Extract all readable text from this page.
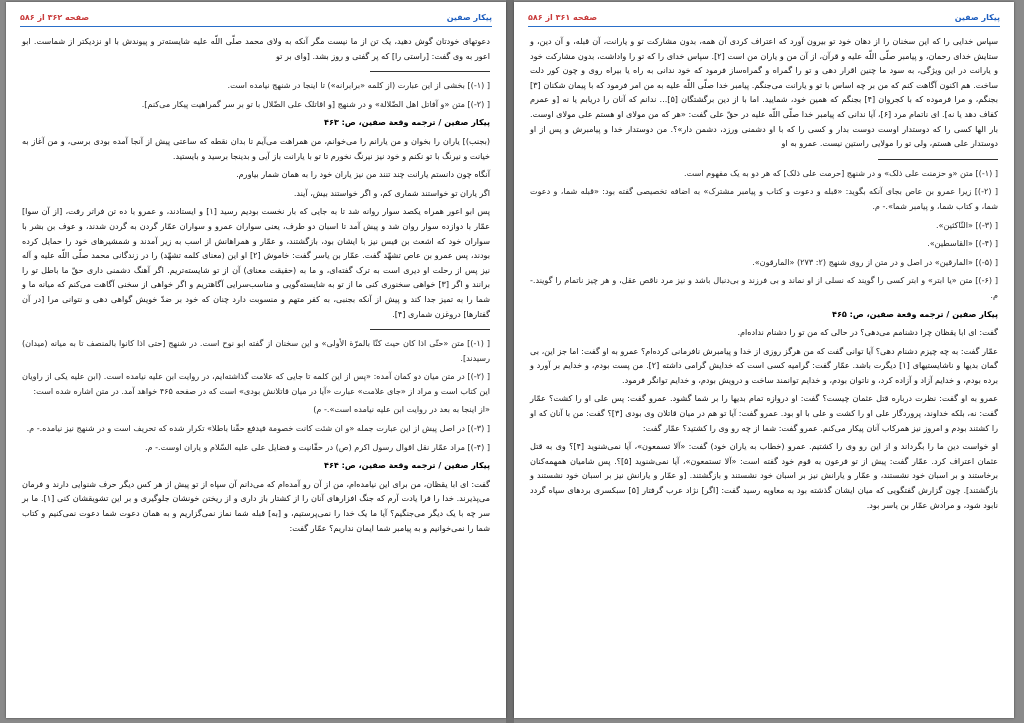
پیکار صفین
صفحه ۳۶۲ از ۵۸۶

دعوتهای خودتان گوش دهید، یک تن از ما نیست مگر آنکه به ولای محمد صلّی اللّه علیه شایسته‌تر و پیوندش با او نزدیکتر از شماست. ابو اعور به وی گفت: [راستی را] که پر گفتی و روز بشد. [وای بر تو

[ (۱-)] بخشی از این عبارت (از کلمه «برابرانه») تا اینجا در شنهج نیامده است.

[ (۲-)] متن «و آفاتل اهل الضّلالة» و در شنهج [و اقاتلک علی الضّلال با تو بر سر گمراهیت پیکار می‌کنم].

پیکار صفین / ترجمه وقعة صفین، ص: ۴۶۳

(بجنب)] یاران را بخوان و من یارانم را می‌خوانم، من همراهت می‌آیم تا بدان نقطه که ساعتی پیش از آنجا آمده بودی برسی، و من آغاز به خیانت و نیرنگ با تو نکنم و خود نیز نیرنگ نخورم تا تو با یارانت باز آیی و بدینجا برسید و بایستید.

آنگاه چون دانستم یارانت چند تنند من نیز یاران خود را به همان شمار بیاورم.

اگر یاران تو خواستند شماری کم، و اگر خواستند بیش، آیند.

پس ابو اعور همراه یکصد سوار روانه شد تا به جایی که بار نخست بودیم رسید [۱] و ایستادند، و عمرو با ده تن فرا‌تر رفت، [از آن سوا] عمّار با دوازده سوار روان شد و پیش آمد تا اسبان دو طرف، یعنی سواران عمرو و سواران عمّار گردن به گردن شدند، و عوف بن بشر با سواران خود که اشعث بن قیس نیز با ایشان بود، بازگشتند، و عمّار و همراهانش از اسب به زیر آمدند و شمشیرهای خود را حمایل کرده بودند، پس عمرو بن عاص تشهّد گفت. عمّار بن یاسر گفت: خاموش [۲] او این (معنای کلمه تشهّد) را در زندگانی محمد صلّی اللّه علیه و آله نیز پس از رحلت او دیری است به ترک گفته‌ای، و ما به (حقیقت معنای) آن از تو شایسته‌تریم. اگر آهنگ دشمنی داری حقّ ما باطل تو را برانند و اگر [۳] خواهی سخنوری کنی ما از تو به شایسته‌گویی و مناسب‌سرایی آگاهتریم و اگر خواهی از سخنی آگاهت می‌کنم که میانه ما و شما را به تمیز جدا کند و پیش از آنکه بجنبی، به کفر متهم و منسوبت دارد چنان که خود بر ضدّ خویش گواهی دهی و نتوانی مرا [در آن گفتارها] دروغزن شماری [۴].

[ (۱-)] متن «حتّی اذا کان حیث کنّا بالمرّة الأولی» و این سخنان از گفته ابو نوح است. در شنهج [حتی اذا کانوا بالمنصف تا به میانه (میدان) رسیدند].

[ (۲-)] در متن میان دو کمان آمده: «پس از این کلمه تا جایی که علامت گذاشته‌ایم، در روایت ابن علیه نیامده است. (ابن علیه یکی از راویان این کتاب است و مراد از «جای علامت» عبارت «آیا در میان قاتلانش بودی» است که در صفحه ۴۶۵ خواهد آمد. در متن اشاره شده است:

«از اینجا به بعد در روایت ابن علیه نیامده است».- م)

[ (۳-)] در اصل پیش از این عبارت جمله «و ان شئت کانت خصومة فیدفع حقّنا باطلا» تکرار شده که تحریف است و در شنهج نیز نیامده.- م.

[ (۴-)] مراد عمّار نقل اقوال رسول اکرم (ص) در حقّانیت و فضایل علی علیه السّلام و یاران اوست.- م.

پیکار صفین / ترجمه وقعة صفین، ص: ۴۶۴

گفت: ای ابا یقظان، من برای این نیامده‌ام، من از آن رو آمده‌ام که می‌دانم آن سپاه از تو پیش از هر کس دیگر حرف شنوایی دارند و فرمان می‌پذیرند. خدا را فرا یادت آرم که جنگ افزارهای آنان را از کشتار باز داری و از ریختن خونشان جلوگیری و بر این تشویقشان کنی [۱]. ما بر سر چه با یک دیگر می‌جنگیم؟ آیا ما یک خدا را نمی‌پرستیم، و [به] قبله شما نماز نمی‌گزاریم و به همان دعوت شما دعوت نمی‌کنیم و کتاب شما را نمی‌خوانیم و به پیامبر شما ایمان نداریم؟ عمّار گفت:

پیکار صفین
صفحه ۳۶۱ از ۵۸۶

سپاس خدایی را که این سخنان را از دهان خود تو بیرون آورد که اعتراف کردی آن همه، بدون مشارکت تو و یارانت، آن قبله، و آن دین، و ستایش خدای رحمان، و پیامبر صلّی اللّه علیه و قرآن، از آن من و یاران من است [۲]. سپاس خدای را که تو را واداشت، بدون مشارکت خود و یارانت در این ویژگی، به سود ما چنین اقرار دهی و تو را گمراه و گمراه‌ساز فرمود که خود ندانی به راه یا بیراه روی و چون کور دلت ساخت. هم اکنون آگاهت کنم که من بر چه اساس با تو و یارانت می‌جنگم. پیامبر خدا صلّی اللّه علیه به من امر فرمود که با پیمان شکنان [۳] بجنگم، و مرا فرموده که با کجروان [۴] بجنگم که همین خود، شمایید. اما با از دین برگشتگان [۵]... ندانم که آنان را دریابم یا نه [و عمرم کفاف دهد یا نه]. ای ناتمام مرد [۶]، آیا ندانی که پیامبر خدا صلّی اللّه علیه در حقّ علی گفت: «هر که من مولای او هستم علی مولای اوست. بار الها کسی را که دوستدار اوست دوست بدار و کسی را که با او دشمنی ورزد، دشمن دار»؟. من دوستدار خدا و پیامبرش و پس از او دوستدار علی هستم، ولی تو را مولایی راستین نیست. عمرو به او

[ (۱-)] متن «و حزمنت علی ذلک» و در شنهج [حرمت علی ذلک] که هر دو به یک مفهوم است.

[ (۲-)] زیرا عمرو بن عاص بجای آنکه بگوید: «قبله و دعوت و کتاب و پیامبر مشترک» به اضافه تخصیصی گفته بود: «قبله شما، و دعوت شما، و کتاب شما، و پیامبر شما».- م.

[ (۳-)] «النّاکثین».

[ (۴-)] «القاسطین».

[ (۵-)] «المارقین» در اصل و در متن از روی شنهج (۲: ۲۷۳) «المارقون».

[ (۶-)] متن «یا ابتر» و ابتر کسی را گویند که نسلی از او نماند و بی فرزند و بی‌دنبال باشد و نیز مرد ناقص عقل، و هر چیز ناتمام را گویند.- م.

پیکار صفین / ترجمه وقعة صفین، ص: ۴۶۵

گفت: ای ابا یقظان چرا دشنامم می‌دهی؟ در حالی که من تو را دشنام نداده‌ام.

عمّار گفت: به چه چیزم دشنام دهی؟ آیا توانی گفت که من هرگز روزی از خدا و پیامبرش نافرمانی کرده‌ام؟ عمرو به او گفت: اما جز این، بی گمان بدیها و ناشایستیهای [۱] دیگرت باشد. عمّار گفت: گرامیه کسی است که خدایش گرامی داشته [۲]. من پست بودم، و خدایم بر آورد و برده بودم، و خدایم آزاد و آزاده کرد، و ناتوان بودم، و خدایم توانمند ساخت و درویش بودم، و خدایم توانگر فرمود.

عمرو به او گفت: نظرت درباره قتل عثمان چیست؟ گفت: او دروازه تمام بدیها را بر شما گشود. عمرو گفت: پس علی او را کشت؟ عمّار گفت: نه، بلکه خداوند، پروردگار علی او را کشت و علی با او بود. عمرو گفت: آیا تو هم در میان قاتلان وی بودی [۳]؟ گفت: من با آنان که او را کشتند بودم و امروز نیز همرکاب آنان پیکار می‌کنم. عمرو گفت: شما از چه رو وی را کشتید؟ عمّار گفت:

او خواست دین ما را بگرداند و از این رو وی را کشتیم. عمرو (خطاب به یاران خود) گفت: «آلا تسمعون»، آیا نمی‌شنوید [۴]؟ وی به قتل عثمان اعتراف کرد. عمّار گفت: پیش از تو فرعون به قوم خود گفته است: «آلا تستمعون»، آیا نمی‌شنوید [۵]؟. پس شامیان همهمه‌کنان برخاستند و بر اسبان خود نشستند، و عمّار و یارانش نیز بر اسبان خود نشستند و بازگشتند. [و عمّار و یارانش نیز بر اسبان خود نشستند و بازگشتند]. چون گزارش گفتگویی که میان ایشان گذشته بود به معاویه رسید گفت: [اگر] نژاد عرب گرفتار [۵] سبکسری بردهای سپاه گردد نابود شود، و مرادش عمّار بن یاسر بود.
